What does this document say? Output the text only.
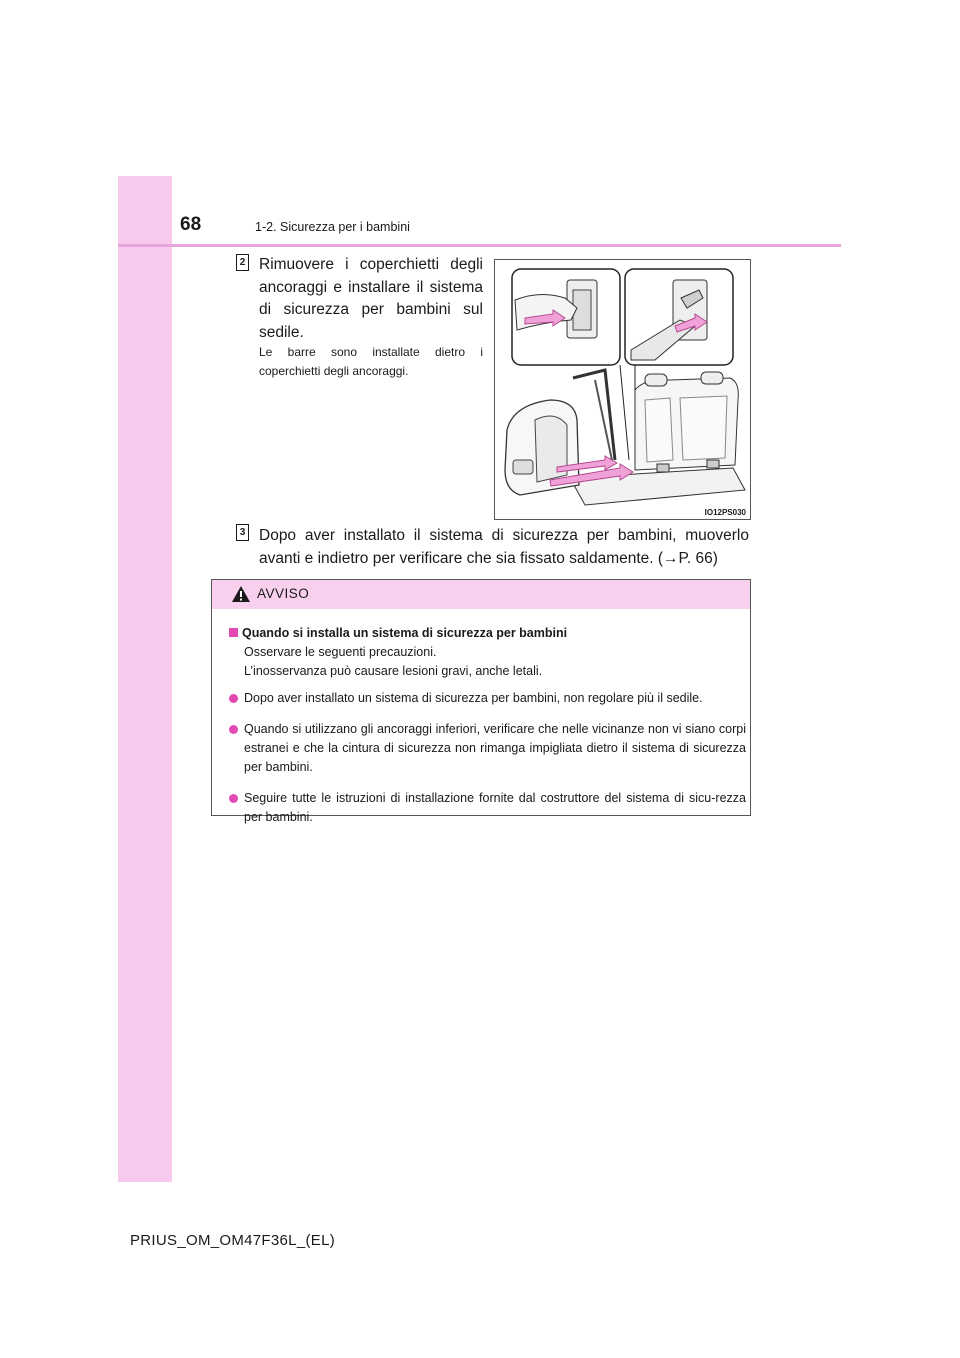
68	1-2. Sicurezza per i bambini
2 Rimuovere i coperchietti degli ancoraggi e installare il sistema di sicurezza per bambini sul sedile.
Le barre sono installate dietro i coperchietti degli ancoraggi.
IO12PS030
3 Dopo aver installato il sistema di sicurezza per bambini, muoverlo avanti e indietro per verificare che sia fissato saldamente. (→P. 66)
AVVISO
Quando si installa un sistema di sicurezza per bambini
Osservare le seguenti precauzioni.
L’inosservanza può causare lesioni gravi, anche letali.
Dopo aver installato un sistema di sicurezza per bambini, non regolare più il sedile.
Quando si utilizzano gli ancoraggi inferiori, verificare che nelle vicinanze non vi siano corpi estranei e che la cintura di sicurezza non rimanga impigliata dietro il sistema di sicurezza per bambini.
Seguire tutte le istruzioni di installazione fornite dal costruttore del sistema di sicu-rezza per bambini.
PRIUS_OM_OM47F36L_(EL)
